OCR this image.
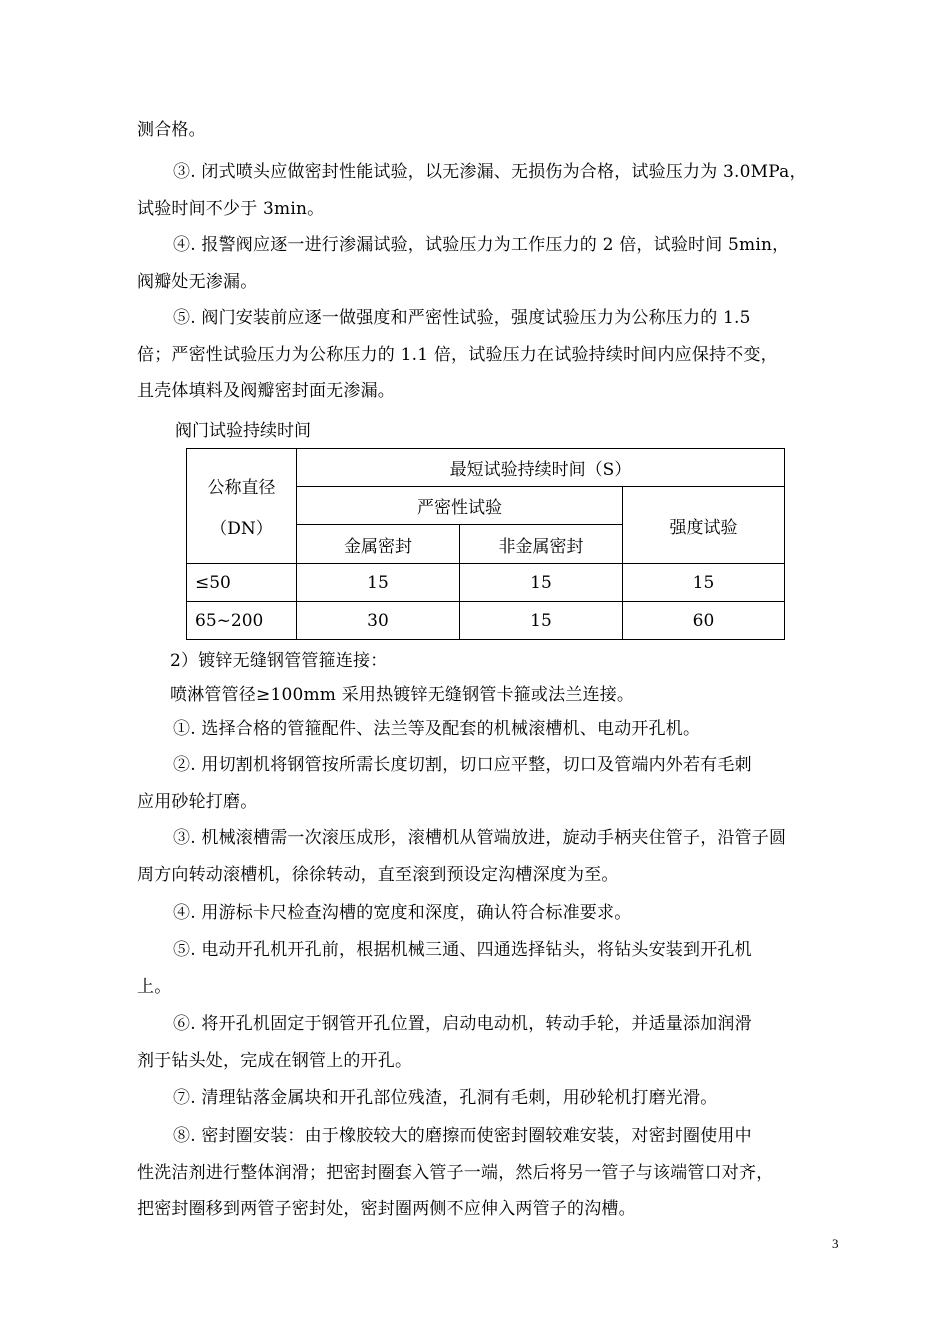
测合格。
③. 闭式喷头应做密封性能试验，以无渗漏、无损伤为合格，试验压力为 3.0MPa，
试验时间不少于 3min。
④. 报警阀应逐一进行渗漏试验，试验压力为工作压力的 2 倍，试验时间 5min，
阀瓣处无渗漏。
⑤. 阀门安装前应逐一做强度和严密性试验，强度试验压力为公称压力的 1.5
倍；严密性试验压力为公称压力的 1.1 倍，试验压力在试验持续时间内应保持不变，
且壳体填料及阀瓣密封面无渗漏。
阀门试验持续时间
公称直径
（DN）	最短试验持续时间（S）		
	严密性试验		强度试验
	金属密封	非金属密封	
≤50	15	15	15
65~200	30	15	60
2）镀锌无缝钢管管箍连接：
喷淋管管径≥100mm 采用热镀锌无缝钢管卡箍或法兰连接。
①. 选择合格的管箍配件、法兰等及配套的机械滚槽机、电动开孔机。
②. 用切割机将钢管按所需长度切割，切口应平整，切口及管端内外若有毛刺
应用砂轮打磨。
③. 机械滚槽需一次滚压成形，滚槽机从管端放进，旋动手柄夹住管子，沿管子圆
周方向转动滚槽机，徐徐转动，直至滚到预设定沟槽深度为至。
④. 用游标卡尺检查沟槽的宽度和深度，确认符合标准要求。
⑤. 电动开孔机开孔前，根据机械三通、四通选择钻头，将钻头安装到开孔机
上。
⑥. 将开孔机固定于钢管开孔位置，启动电动机，转动手轮，并适量添加润滑
剂于钻头处，完成在钢管上的开孔。
⑦. 清理钻落金属块和开孔部位残渣，孔洞有毛刺，用砂轮机打磨光滑。
⑧. 密封圈安装：由于橡胶较大的磨擦而使密封圈较难安装，对密封圈使用中
性洗洁剂进行整体润滑；把密封圈套入管子一端，然后将另一管子与该端管口对齐，
把密封圈移到两管子密封处，密封圈两侧不应伸入两管子的沟槽。
3
